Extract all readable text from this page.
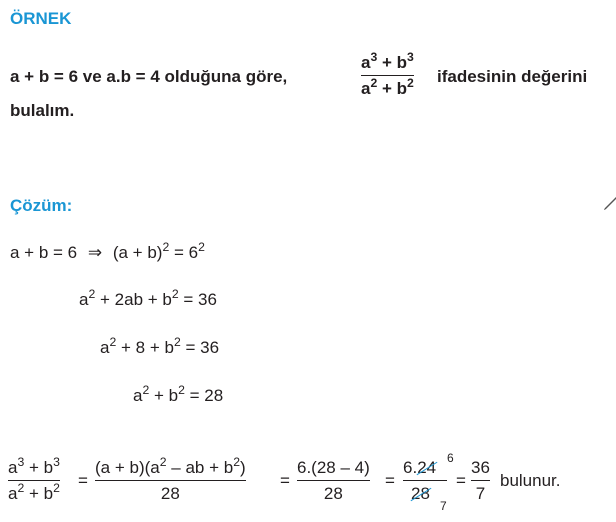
ÖRNEK
a + b = 6 ve a.b = 4 olduğuna göre,
$a^3 + b^3$
$a^2 + b^2$ ifadesinin değerini
bulalım.
Çözüm:
a + b = 6 ⇒ $(a + b)^2 = 6^2$
$a^2 + 2ab + b^2 = 36$
$a^2 + 8 + b^2 = 36$
$a^2 + b^2 = 28$
$a^3 + b^3$
$a^2 + b^2$ =
$(a + b)(a^2$ – ab + $b^2$)
28
=
6.(28 – 4)
28
=
6.24
28
6
7
=
36
7
bulunur.
